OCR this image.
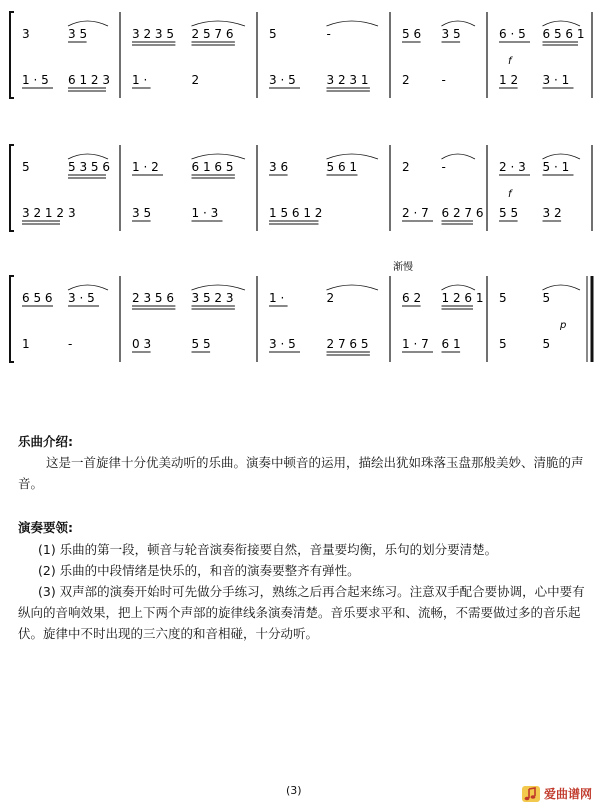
3	3 5
1 · 5 6 1 2 3
3 2 3 5 2 5 7 6
1 ·	2
5	-
3 · 5	3 2 3 1
5 6 3 5
2	-
6 · 5 6 5 6 1
1 2 3 · 1
f
5	5 3 5 6
3 2 1 2 3
1 · 2	6 1 6 5
3 5	1 · 3
3 6	5 6 1
1 5 6 1 2
2	-
2 · 7 6 2 7 6
2 · 3 5 · 1
5 5 3 2
f
6 5 6 3 · 5
1	-
2 3 5 6 3 5 2 3
0 3	5 5
1 ·	2
3 · 5	2 7 6 5
6 2 1 2 6 1
1 · 7 6 1
5	5
5	5
渐慢
p

乐曲介绍:

这是一首旋律十分优美动听的乐曲。演奏中顿音的运用，描绘出犹如珠落玉盘那般美妙、清脆的声音。

演奏要领:

(1) 乐曲的第一段，顿音与轮音演奏衔接要自然，音量要均衡，乐句的划分要清楚。

(2) 乐曲的中段情绪是快乐的，和音的演奏要整齐有弹性。

(3) 双声部的演奏开始时可先做分手练习，熟练之后再合起来练习。注意双手配合要协调，心中要有纵向的音响效果，把上下两个声部的旋律线条演奏清楚。音乐要求平和、流畅，不需要做过多的音乐起伏。旋律中不时出现的三六度的和音相碰，十分动听。

(3)	爱曲谱网
